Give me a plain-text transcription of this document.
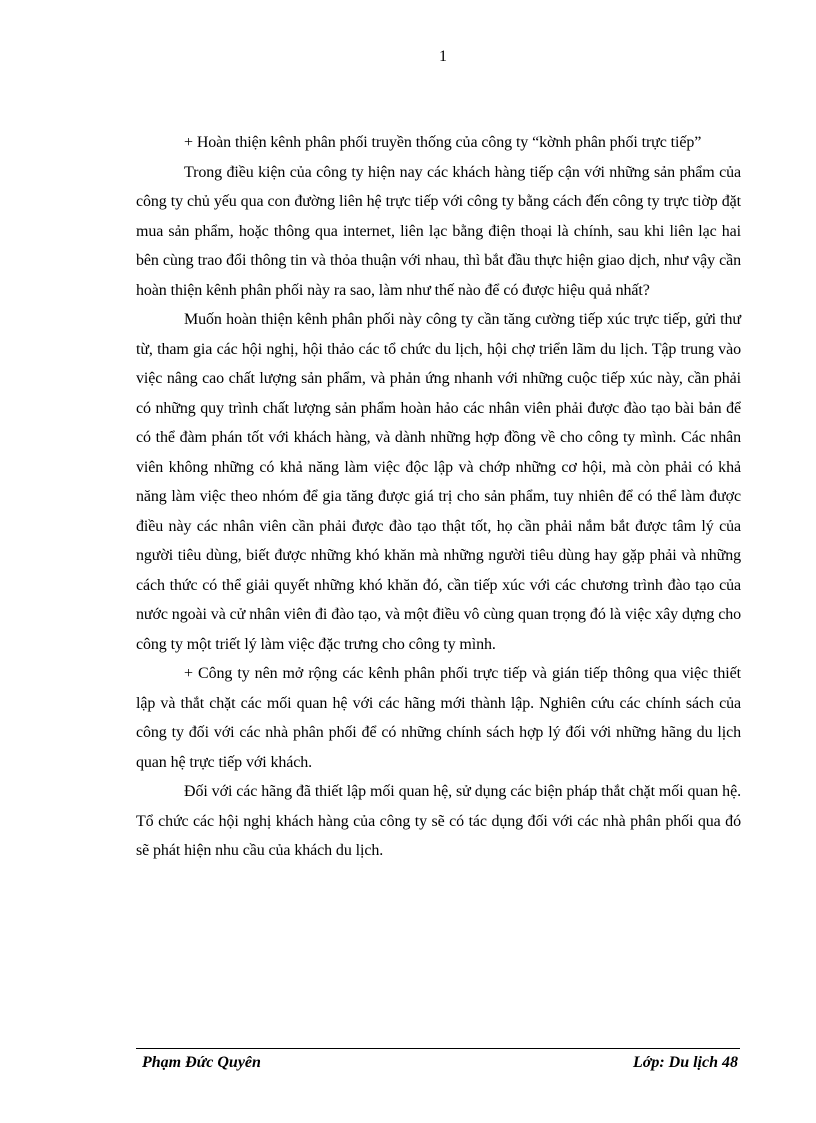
1

+ Hoàn thiện kênh phân phối truyền thống của công ty “kờnh phân phối trực tiếp”

Trong điều kiện của công ty hiện nay các khách hàng tiếp cận với những sản phẩm của công ty chủ yếu qua con đường liên hệ trực tiếp với công ty bằng cách đến công ty trực tiờp đặt mua sản phẩm, hoặc thông qua internet, liên lạc bằng điện thoại là chính, sau khi liên lạc hai bên cùng trao đổi thông tin và thỏa thuận với nhau, thì bắt đầu thực hiện giao dịch, như vậy cần hoàn thiện kênh phân phối này ra sao, làm như thế nào để có được hiệu quả nhất?

Muốn hoàn thiện kênh phân phối này công ty cần tăng cường tiếp xúc trực tiếp, gửi thư từ, tham gia các hội nghị, hội thảo các tổ chức du lịch, hội chợ triển lãm du lịch. Tập trung vào việc nâng cao chất lượng sản phẩm, và phản ứng nhanh với những cuộc tiếp xúc này, cần phải có những quy trình chất lượng sản phẩm hoàn hảo các nhân viên phải được đào tạo bài bản để có thể đàm phán tốt với khách hàng, và dành những hợp đồng về cho công ty mình. Các nhân viên không những có khả năng làm việc độc lập và chớp những cơ hội, mà còn phải có khả năng làm việc theo nhóm để gia tăng được giá trị cho sản phẩm, tuy nhiên để có thể làm được điều này các nhân viên cần phải được đào tạo thật tốt, họ cần phải nắm bắt được tâm lý của người tiêu dùng, biết được những khó khăn mà những người tiêu dùng hay gặp phải và những cách thức có thể giải quyết những khó khăn đó, cần tiếp xúc với các chương trình đào tạo của nước ngoài và cử nhân viên đi đào tạo, và một điều vô cùng quan trọng đó là việc xây dựng cho công ty một triết lý làm việc đặc trưng cho công ty mình.

+ Công ty nên mở rộng các kênh phân phối trực tiếp và gián tiếp thông qua việc thiết lập và thắt chặt các mối quan hệ với các hãng mới thành lập. Nghiên cứu các chính sách của công ty đối với các nhà phân phối để có những chính sách hợp lý đối với những hãng du lịch quan hệ trực tiếp với khách.

Đối với các hãng đã thiết lập mối quan hệ, sử dụng các biện pháp thắt chặt mối quan hệ. Tổ chức các hội nghị khách hàng của công ty sẽ có tác dụng đối với các nhà phân phối qua đó sẽ phát hiện nhu cầu của khách du lịch.

Phạm Đức Quyên	Lớp: Du lịch 48
